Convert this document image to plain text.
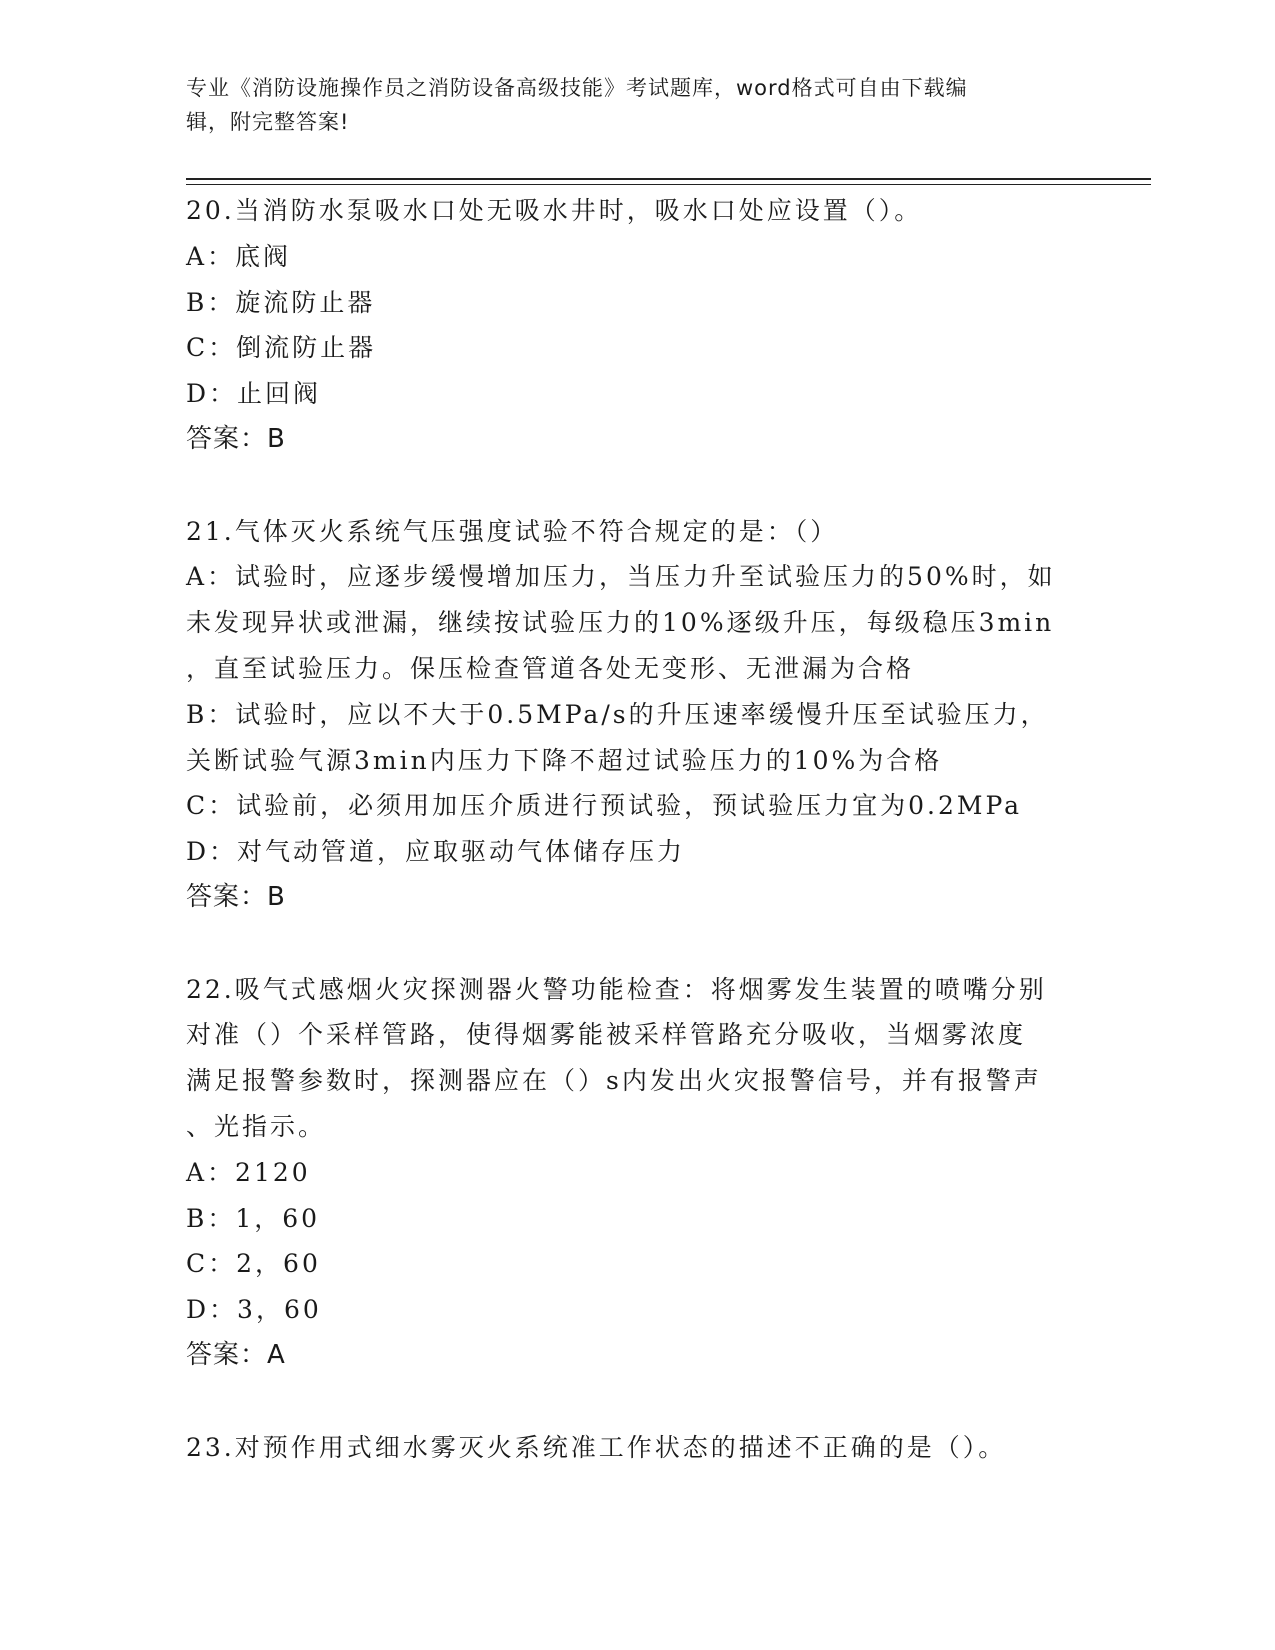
专业《消防设施操作员之消防设备高级技能》考试题库，word格式可自由下载编
辑，附完整答案!
20.当消防水泵吸水口处无吸水井时，吸水口处应设置（）。
A：底阀
B：旋流防止器
C：倒流防止器
D：止回阀
答案：B
21.气体灭火系统气压强度试验不符合规定的是：（）
A：试验时，应逐步缓慢增加压力，当压力升至试验压力的50%时，如
未发现异状或泄漏，继续按试验压力的10%逐级升压，每级稳压3min
，直至试验压力。保压检查管道各处无变形、无泄漏为合格
B：试验时，应以不大于0.5MPa/s的升压速率缓慢升压至试验压力，
关断试验气源3min内压力下降不超过试验压力的10%为合格
C：试验前，必须用加压介质进行预试验，预试验压力宜为0.2MPa
D：对气动管道，应取驱动气体储存压力
答案：B
22.吸气式感烟火灾探测器火警功能检查：将烟雾发生装置的喷嘴分别
对准（）个采样管路，使得烟雾能被采样管路充分吸收，当烟雾浓度
满足报警参数时，探测器应在（）s内发出火灾报警信号，并有报警声
、光指示。
A：2120
B：1，60
C：2，60
D：3，60
答案：A
23.对预作用式细水雾灭火系统准工作状态的描述不正确的是（）。
